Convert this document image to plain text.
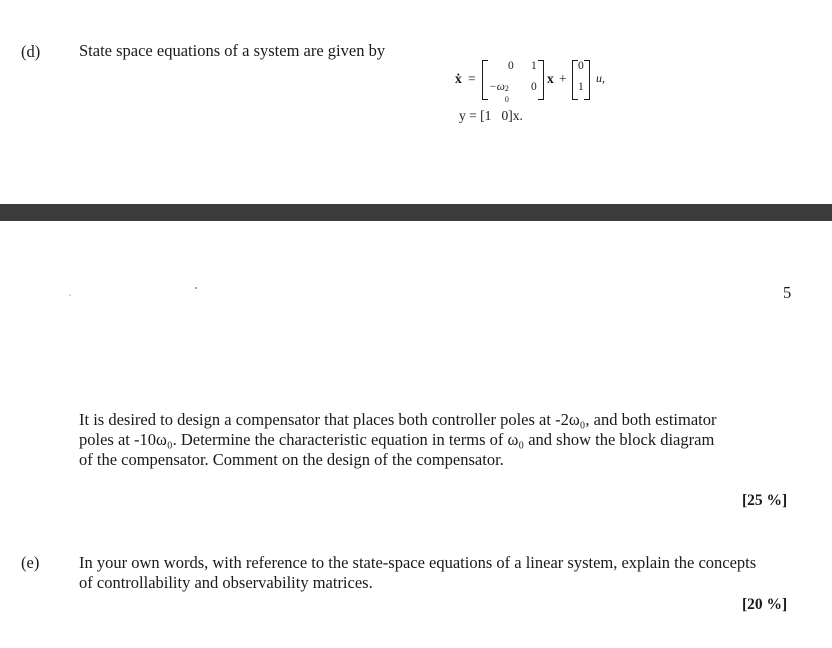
(d) State space equations of a system are given by
ẋ =
0 1
−ω 2
0
0
x +
0
1
u,
y = [1   0]x.
5
It is desired to design a compensator that places both controller poles at -2ω₀, and both estimator
poles at -10ω₀. Determine the characteristic equation in terms of ω₀ and show the block diagram
of the compensator. Comment on the design of the compensator.
[25 %]
(e) In your own words, with reference to the state-space equations of a linear system, explain the concepts
of controllability and observability matrices.
[20 %]
